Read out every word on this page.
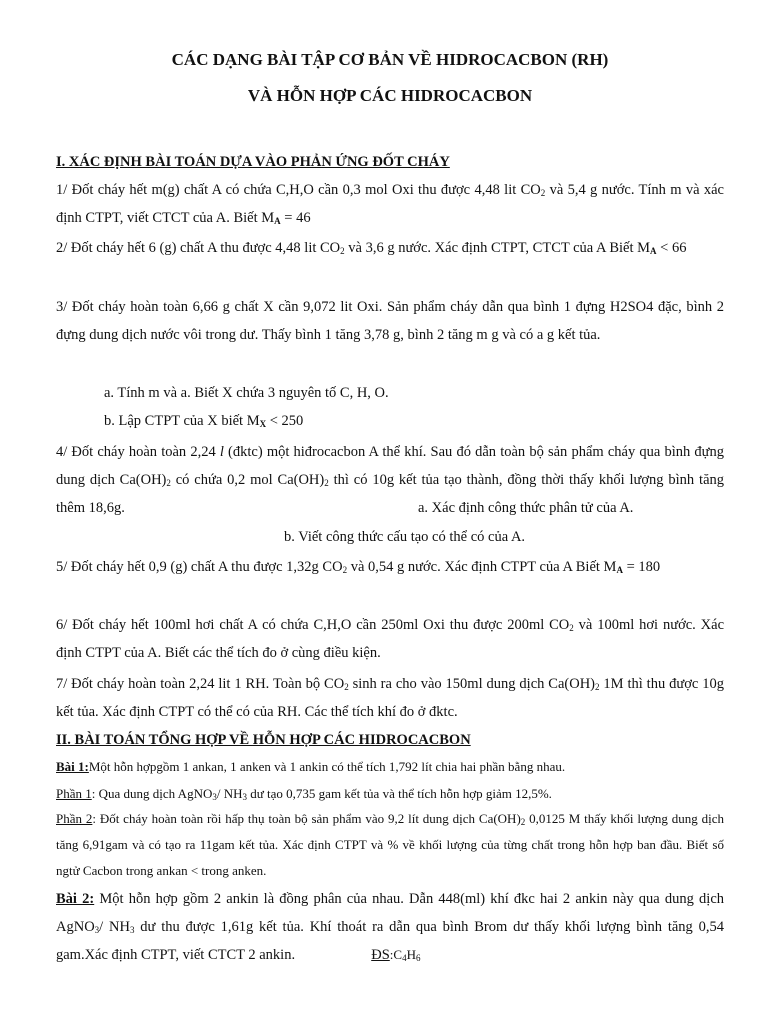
CÁC DẠNG BÀI TẬP CƠ BẢN VỀ HIDROCACBON (RH)
VÀ HỖN HỢP CÁC HIDROCACBON
I. XÁC ĐỊNH BÀI TOÁN DỰA VÀO PHẢN ỨNG ĐỐT CHÁY

1/ Đốt cháy hết m(g) chất A có chứa C,H,O cần 0,3 mol Oxi thu được 4,48 lit $CO_2$ và 5,4 g nước. Tính m và xác định CTPT, viết CTCT của A. Biết $M_A = 46$

2/ Đốt cháy hết 6 (g) chất A thu được 4,48 lit $CO_2$ và 3,6 g nước. Xác định CTPT, CTCT của A Biết $M_A < 66$

3/ Đốt cháy hoàn toàn 6,66 g chất X cần 9,072 lit Oxi. Sản phẩm cháy dẫn qua bình 1 đựng H2SO4 đặc, bình 2 đựng dung dịch nước vôi trong dư. Thấy bình 1 tăng 3,78 g, bình 2 tăng m g và có a g kết tủa.

a. Tính m và a. Biết X chứa 3 nguyên tố C, H, O.

b. Lập CTPT của X biết $M_X < 250$

4/ Đốt cháy hoàn toàn 2,24 l (đktc) một hiđrocacbon A thể khí. Sau đó dẫn toàn bộ sản phẩm cháy qua bình đựng dung dịch $Ca(OH)_2$ có chứa 0,2 mol $Ca(OH)_2$ thì có 10g kết tủa tạo thành, đồng thời thấy khối lượng bình tăng thêm 18,6g.	a. Xác định công thức phân tử của A.

b. Viết công thức cấu tạo có thể có của A.

5/ Đốt cháy hết 0,9 (g) chất A thu được 1,32g $CO_2$ và 0,54 g nước. Xác định CTPT của A Biết $M_A = 180$

6/ Đốt cháy hết 100ml hơi chất A có chứa C,H,O cần 250ml Oxi thu được 200ml $CO_2$ và 100ml hơi nước. Xác định CTPT của A. Biết các thể tích đo ở cùng điều kiện.

7/ Đốt cháy hoàn toàn 2,24 lit 1 RH. Toàn bộ $CO_2$ sinh ra cho vào 150ml dung dịch $Ca(OH)_2$ 1M thì thu được 10g kết tủa. Xác định CTPT có thể có của RH. Các thể tích khí đo ở đktc.

II. BÀI TOÁN TỔNG HỢP VỀ HỖN HỢP CÁC HIDROCACBON

Bài 1:Một hỗn hợpgồm 1 ankan, 1 anken và 1 ankin có thể tích 1,792 lít chia hai phần bằng nhau.

Phần 1: Qua dung dịch AgNO$_3$/ $NH_3$ dư tạo 0,735 gam kết tủa và thể tích hỗn hợp giảm 12,5%.

Phần 2: Đốt cháy hoàn toàn rồi hấp thụ toàn bộ sản phẩm vào 9,2 lít dung dịch $Ca(OH)_2$ 0,0125 M thấy khối lượng dung dịch tăng 6,91gam và có tạo ra 11gam kết tủa. Xác định CTPT và % về khối lượng của từng chất trong hỗn hợp ban đầu. Biết số ngtử Cacbon trong ankan < trong anken.

Bài 2: Một hỗn hợp gồm 2 ankin là đồng phân của nhau. Dẫn 448(ml) khí đkc hai 2 ankin này qua dung dịch AgNO$_3$/ $NH_3$ dư thu được 1,61g kết tủa. Khí thoát ra dẫn qua bình Brom dư thấy khối lượng bình tăng 0,54 gam.Xác định CTPT, viết CTCT 2 ankin.	$ĐS:C_4H_6$
